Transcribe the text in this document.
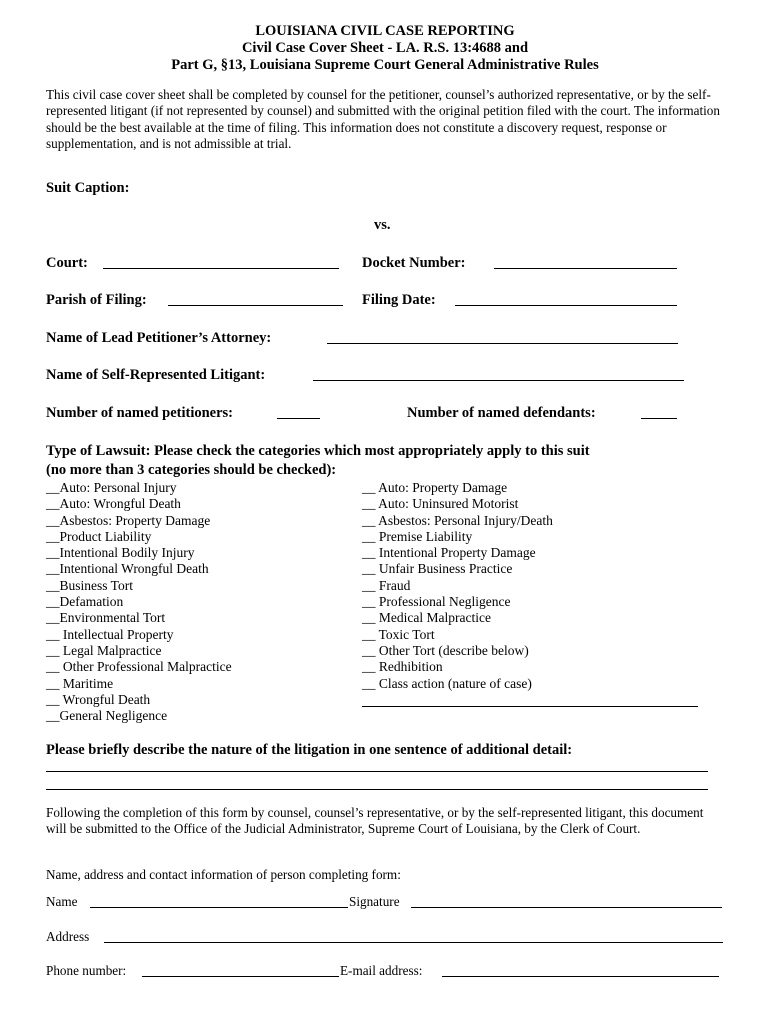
LOUISIANA CIVIL CASE REPORTING
Civil Case Cover Sheet - LA. R.S. 13:4688 and
Part G, §13, Louisiana Supreme Court General Administrative Rules
This civil case cover sheet shall be completed by counsel for the petitioner, counsel’s authorized representative, or by the self-represented litigant (if not represented by counsel) and submitted with the original petition filed with the court. The information should be the best available at the time of filing. This information does not constitute a discovery request, response or supplementation, and is not admissible at trial.
Suit Caption:
vs.
Court:	Docket Number:
Parish of Filing:	Filing Date:
Name of Lead Petitioner’s Attorney:
Name of Self-Represented Litigant:
Number of named petitioners:	Number of named defendants:
Type of Lawsuit: Please check the categories which most appropriately apply to this suit
(no more than 3 categories should be checked):
__Auto: Personal Injury
__Auto: Wrongful Death
__Asbestos: Property Damage
__Product Liability
__Intentional Bodily Injury
__Intentional Wrongful Death
__Business Tort
__Defamation
__Environmental Tort
__ Intellectual Property
__ Legal Malpractice
__ Other Professional Malpractice
__ Maritime
__ Wrongful Death
__General Negligence
__ Auto: Property Damage
__ Auto: Uninsured Motorist
__ Asbestos: Personal Injury/Death
__ Premise Liability
__ Intentional Property Damage
__ Unfair Business Practice
__ Fraud
__ Professional Negligence
__ Medical Malpractice
__ Toxic Tort
__ Other Tort (describe below)
__ Redhibition
__ Class action (nature of case)
Please briefly describe the nature of the litigation in one sentence of additional detail:
Following the completion of this form by counsel, counsel’s representative, or by the self-represented litigant, this document will be submitted to the Office of the Judicial Administrator, Supreme Court of Louisiana, by the Clerk of Court.
Name, address and contact information of person completing form:
Name	Signature
Address
Phone number:	E-mail address:
